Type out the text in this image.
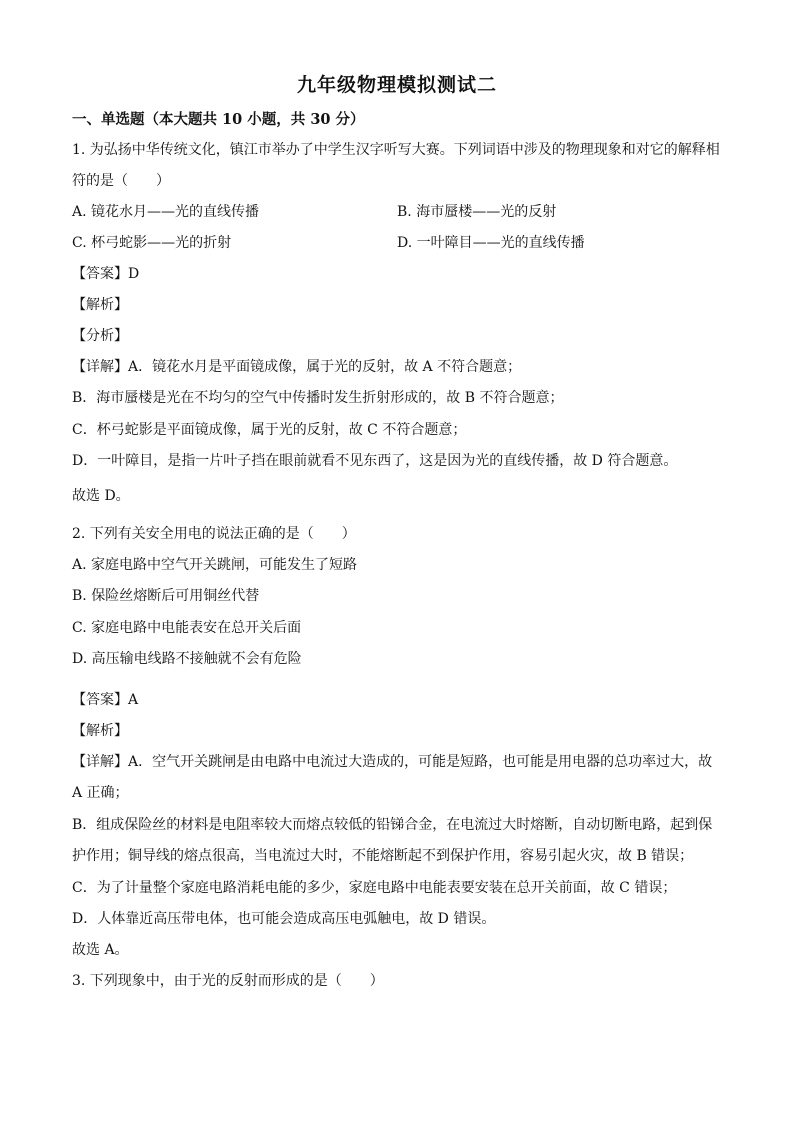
九年级物理模拟测试二
一、单选题（本大题共 10 小题，共 30 分）
1. 为弘扬中华传统文化，镇江市举办了中学生汉字听写大赛。下列词语中涉及的物理现象和对它的解释相
符的是（　　）
A. 镜花水月——光的直线传播	B. 海市蜃楼——光的反射
C. 杯弓蛇影——光的折射	D. 一叶障目——光的直线传播
【答案】D
【解析】
【分析】
【详解】A．镜花水月是平面镜成像，属于光的反射，故 A 不符合题意；
B．海市蜃楼是光在不均匀的空气中传播时发生折射形成的，故 B 不符合题意；
C．杯弓蛇影是平面镜成像，属于光的反射，故 C 不符合题意；
D．一叶障目，是指一片叶子挡在眼前就看不见东西了，这是因为光的直线传播，故 D 符合题意。
故选 D。
2. 下列有关安全用电的说法正确的是（　　）
A. 家庭电路中空气开关跳闸，可能发生了短路
B. 保险丝熔断后可用铜丝代替
C. 家庭电路中电能表安在总开关后面
D. 高压输电线路不接触就不会有危险
【答案】A
【解析】
【详解】A．空气开关跳闸是由电路中电流过大造成的，可能是短路，也可能是用电器的总功率过大，故
A 正确；
B．组成保险丝的材料是电阻率较大而熔点较低的铅锑合金，在电流过大时熔断，自动切断电路，起到保
护作用；铜导线的熔点很高，当电流过大时，不能熔断起不到保护作用，容易引起火灾，故 B 错误；
C．为了计量整个家庭电路消耗电能的多少，家庭电路中电能表要安装在总开关前面，故 C 错误；
D．人体靠近高压带电体，也可能会造成高压电弧触电，故 D 错误。
故选 A。
3. 下列现象中，由于光的反射而形成的是（　　）
